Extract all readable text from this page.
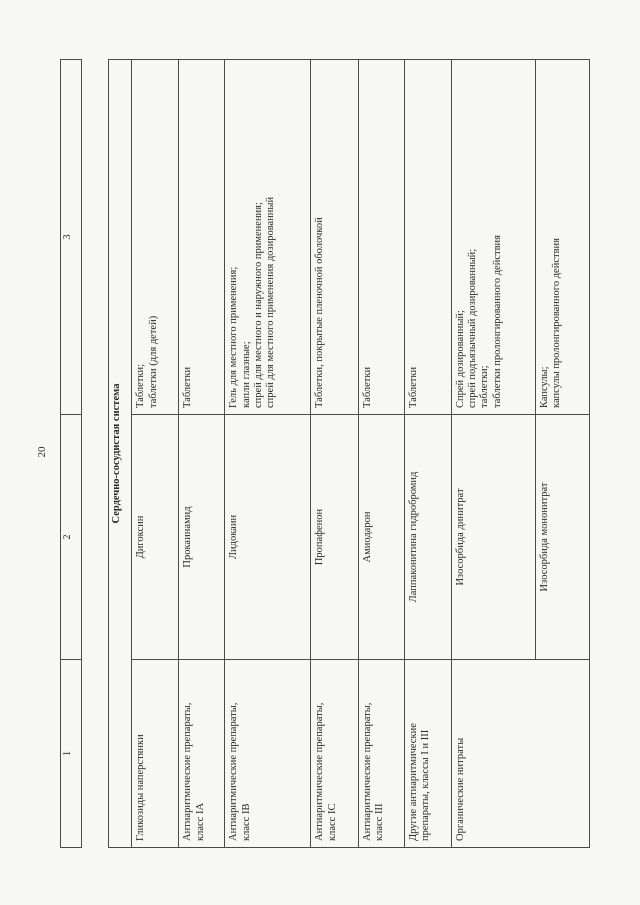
20
1	2	3

Сердечно-сосудистая система		
Гликозиды наперстянки	Дигоксин	Таблетки;
таблетки (для детей)
Антиаритмические препараты,
класс IA	Прокаинамид	Таблетки
Антиаритмические препараты,
класс IB	Лидокаин	Гель для местного применения;
капли глазные;
спрей для местного и наружного применения;
спрей для местного применения дозированный
Антиаритмические препараты,
класс IC	Пропафенон	Таблетки, покрытые пленочной оболочкой
Антиаритмические препараты,
класс III	Амиодарон	Таблетки
Другие антиаритмические
препараты, классы I и III	Лаппаконитина гидробромид	Таблетки
Органические нитраты	Изосорбида динитрат	Спрей дозированный;
спрей подъязычный дозированный;
таблетки;
таблетки пролонгированного действия
	Изосорбида мононитрат	Капсулы;
капсулы пролонгированного действия
